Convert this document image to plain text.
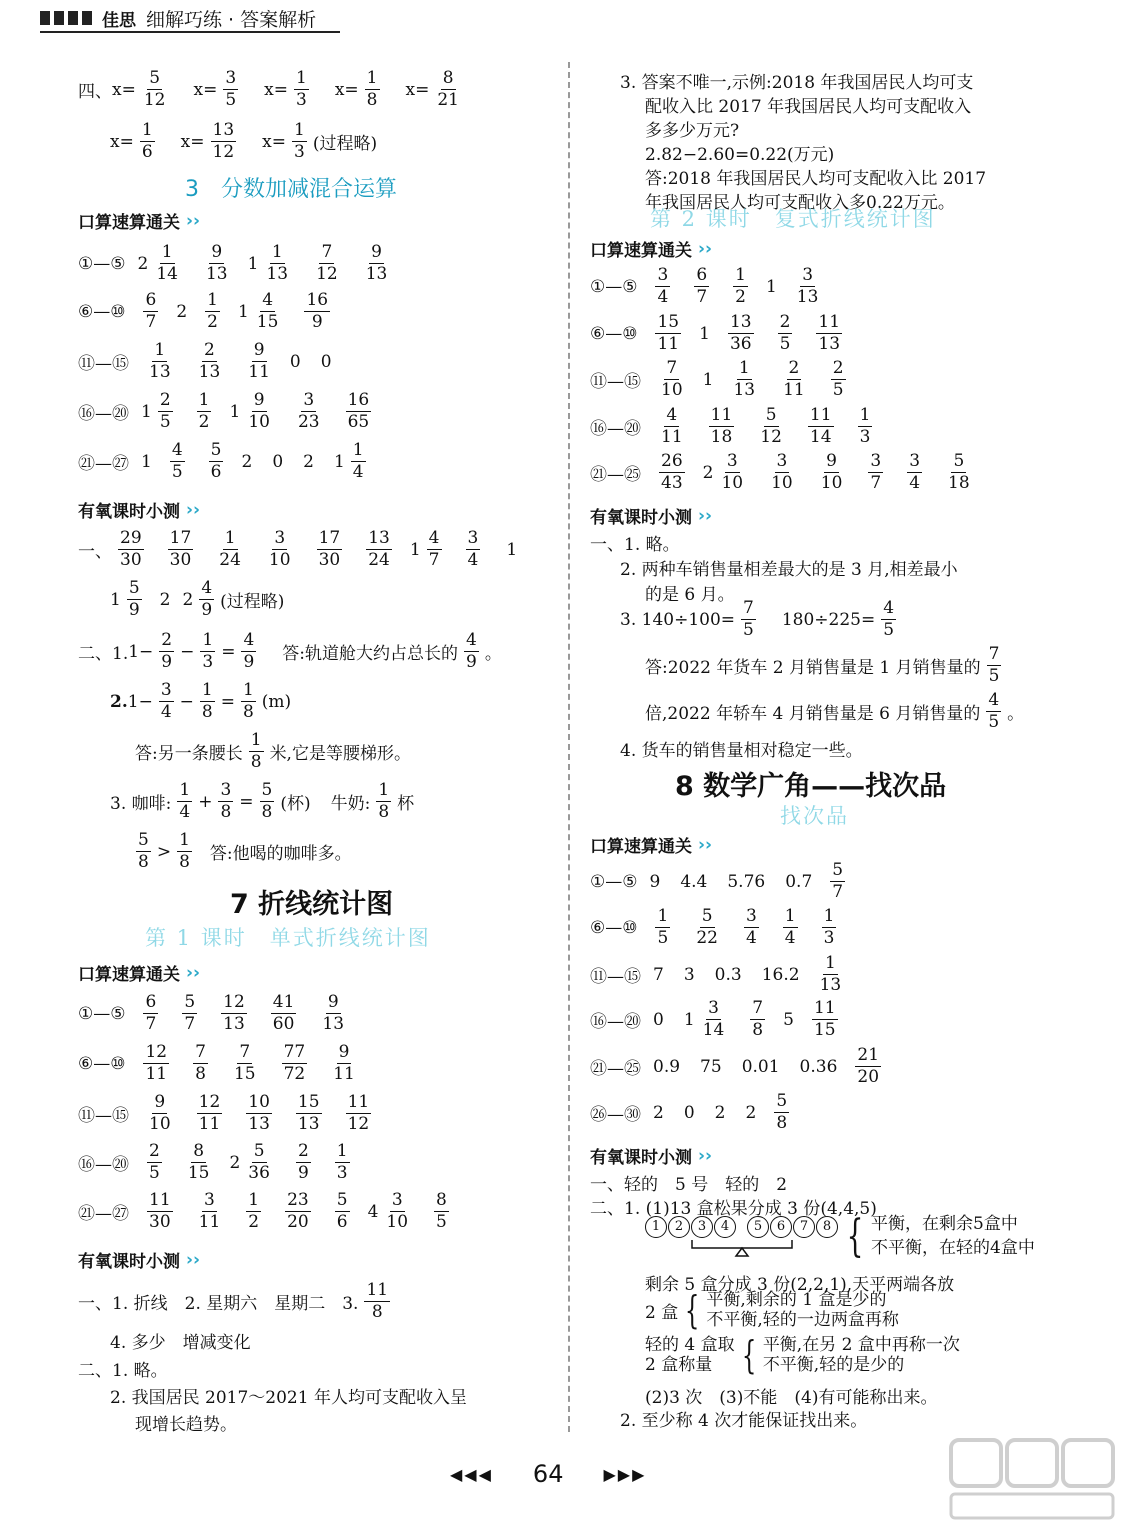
佳思 细解巧练 · 答案解析
四、 $x= \frac{5}{12} x= \frac{3}{5} x= \frac{1}{3} x= \frac{1}{8} x= \frac{8}{21}$
$x= \frac{1}{6} x= \frac{13}{12} x= \frac{1}{3}$ (过程略)
3　分数加减混合运算
口算速算通关 ››
①—⑤ $2 \frac{1}{14} \frac{9}{13} 1 \frac{1}{13} \frac{7}{12} \frac{9}{13}$
⑥—⑩ $\frac{6}{7} 2 \frac{1}{2} 1 \frac{4}{15} \frac{16}{9}$
⑪—⑮ $\frac{1}{13} \frac{2}{13} \frac{9}{11} 0$ 0
⑯—⑳ $1 \frac{2}{5} \frac{1}{2} 1 \frac{9}{10} \frac{3}{23} \frac{16}{65}$
㉑—㉗ $1 \frac{4}{5} \frac{5}{6} 2$ 0 2 $1 \frac{1}{4}$
有氧课时小测 ››
一、 $\frac{29}{30} \frac{17}{30} \frac{1}{24} \frac{3}{10} \frac{17}{30} \frac{13}{24} 1 \frac{4}{7} \frac{3}{4} 1$
$1 \frac{5}{9} 2$ $2 \frac{4}{9}$ (过程略)
二、1. $1- \frac{2}{9} - \frac{1}{3} = \frac{4}{9}$ 答:轨道舱大约占总长的 $\frac{4}{9}$ 。
2. $1- \frac{3}{4} - \frac{1}{8} = \frac{1}{8} (m)$
答:另一条腰长 $\frac{1}{8}$ 米,它是等腰梯形。
3. 咖啡: $\frac{1}{4} + \frac{3}{8} = \frac{5}{8}$ (杯) 牛奶: $\frac{1}{8}$ 杯
$\frac{5}{8} > \frac{1}{8}$ 答:他喝的咖啡多。
7 折线统计图
第 1 课时　单式折线统计图
口算速算通关 ››
①—⑤ $\frac{6}{7} \frac{5}{7} \frac{12}{13} \frac{41}{60} \frac{9}{13}$
⑥—⑩ $\frac{12}{11} \frac{7}{8} \frac{7}{15} \frac{77}{72} \frac{9}{11}$
⑪—⑮ $\frac{9}{10} \frac{12}{11} \frac{10}{13} \frac{15}{13} \frac{11}{12}$
⑯—⑳ $\frac{2}{5} \frac{8}{15} 2 \frac{5}{36} \frac{2}{9} \frac{1}{3}$
㉑—㉗ $\frac{11}{30} \frac{3}{11} \frac{1}{2} \frac{23}{20} \frac{5}{6} 4 \frac{3}{10} \frac{8}{5}$
有氧课时小测 ››
一、1. 折线　2. 星期六　星期二　3. $\frac{11}{8}$
4. 多少　增减变化
二、1. 略。
2. 我国居民 2017～2021 年人均可支配收入呈
现增长趋势。
3. 答案不唯一,示例:2018 年我国居民人均可支
配收入比 2017 年我国居民人均可支配收入
多多少万元?
2.82−2.60=0.22(万元)
答:2018 年我国居民人均可支配收入比 2017
年我国居民人均可支配收入多0.22万元。
第 2 课时　复式折线统计图
口算速算通关 ››
①—⑤ $\frac{3}{4} \frac{6}{7} \frac{1}{2} 1 \frac{3}{13}$
⑥—⑩ $\frac{15}{11} 1 \frac{13}{36} \frac{2}{5} \frac{11}{13}$
⑪—⑮ $\frac{7}{10} 1 \frac{1}{13} \frac{2}{11} \frac{2}{5}$
⑯—⑳ $\frac{4}{11} \frac{11}{18} \frac{5}{12} \frac{11}{14} \frac{1}{3}$
㉑—㉕ $\frac{26}{43} 2 \frac{3}{10} \frac{3}{10} \frac{9}{10} \frac{3}{7} \frac{3}{4} \frac{5}{18}$
有氧课时小测 ››
一、1. 略。
2. 两种车销售量相差最大的是 3 月,相差最小
的是 6 月。
3. $140\div 100= \frac{7}{5} 180\div 225= \frac{4}{5}$
答:2022 年货车 2 月销售量是 1 月销售量的 $\frac{7}{5}$
倍,2022 年轿车 4 月销售量是 6 月销售量的 $\frac{4}{5}$ 。
4. 货车的销售量相对稳定一些。
8 数学广角——找次品
找次品
口算速算通关 ››
①—⑤ 9 4.4 5.76 $0.7 \frac{5}{7}$
⑥—⑩ $\frac{1}{5} \frac{5}{22} \frac{3}{4} \frac{1}{4} \frac{1}{3}$
⑪—⑮ 7 3 0.3 $16.2 \frac{1}{13}$
⑯—⑳ 0 $1 \frac{3}{14} \frac{7}{8} 5 \frac{11}{15}$
㉑—㉕ 0.9 75 0.01 $0.36 \frac{21}{20}$
㉖—㉚ 2 0 2 $2 \frac{5}{8}$
有氧课时小测 ››
一、轻的　5 号　轻的　2
二、1. (1)13 盒松果分成 3 份(4,4,5)
1 2 3 4	5 6 7 8 { 平衡，在剩余5盒中
不平衡，在轻的4盒中
剩余 5 盒分成 3 份(2,2,1),天平两端各放
2 盒 { 平衡,剩余的 1 盒是少的
不平衡,轻的一边两盒再称
轻的 4 盒取
2 盒称量 { 平衡,在另 2 盒中再称一次
不平衡,轻的是少的
(2)3 次　(3)不能　(4)有可能称出来。
2. 至少称 4 次才能保证找出来。
◀◀◀ 64	▶▶▶
